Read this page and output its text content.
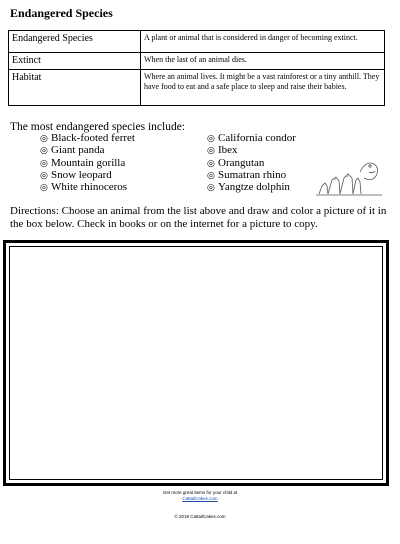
Endangered Species
Endangered Species	A plant or animal that is considered in danger of becoming extinct.
Extinct	When the last of an animal dies.
Habitat	Where an animal lives. It might be a vast rainforest or a tiny anthill. They have food to eat and a safe place to sleep and raise their babies.
The most endangered species include:
◎ Black-footed ferret
◎ Giant panda
◎ Mountain gorilla
◎ Snow leopard
◎ White rhinoceros
◎ California condor
◎ Ibex
◎ Orangutan
◎ Sumatran rhino
◎ Yangtze dolphin
Directions: Choose an animal from the list above and draw and color a picture of it in the box below. Check in books or on the internet for a picture to copy.
Get more great items for your child at
CattailCakes.com
© 2019 CattailCakes.com
